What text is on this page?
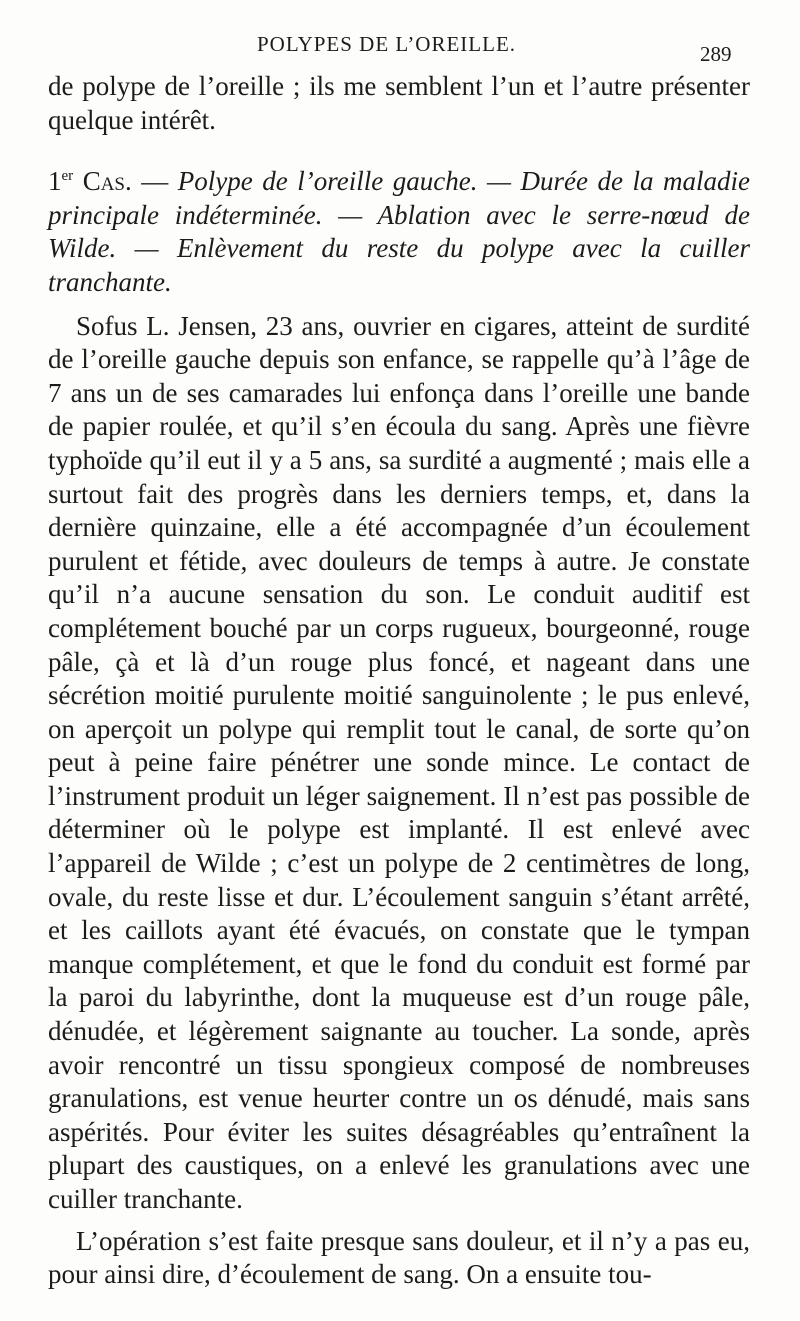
POLYPES DE L’OREILLE.	289

de polype de l’oreille ; ils me semblent l’un et l’autre présenter quelque intérêt.

1er Cas. — Polype de l’oreille gauche. — Durée de la maladie principale indéterminée. — Ablation avec le serre-nœud de Wilde. — Enlèvement du reste du polype avec la cuiller tranchante.

Sofus L. Jensen, 23 ans, ouvrier en cigares, atteint de surdité de l’oreille gauche depuis son enfance, se rappelle qu’à l’âge de 7 ans un de ses camarades lui enfonça dans l’oreille une bande de papier roulée, et qu’il s’en écoula du sang. Après une fièvre typhoïde qu’il eut il y a 5 ans, sa surdité a augmenté ; mais elle a surtout fait des progrès dans les derniers temps, et, dans la dernière quinzaine, elle a été accompagnée d’un écoulement purulent et fétide, avec douleurs de temps à autre. Je constate qu’il n’a aucune sensation du son. Le conduit auditif est complétement bouché par un corps rugueux, bourgeonné, rouge pâle, çà et là d’un rouge plus foncé, et nageant dans une sécrétion moitié purulente moitié sanguinolente ; le pus enlevé, on aperçoit un polype qui remplit tout le canal, de sorte qu’on peut à peine faire pénétrer une sonde mince. Le contact de l’instrument produit un léger saignement. Il n’est pas possible de déterminer où le polype est implanté. Il est enlevé avec l’appareil de Wilde ; c’est un polype de 2 centimètres de long, ovale, du reste lisse et dur. L’écoulement sanguin s’étant arrêté, et les caillots ayant été évacués, on constate que le tympan manque complétement, et que le fond du conduit est formé par la paroi du labyrinthe, dont la muqueuse est d’un rouge pâle, dénudée, et légèrement saignante au toucher. La sonde, après avoir rencontré un tissu spongieux composé de nombreuses granulations, est venue heurter contre un os dénudé, mais sans aspérités. Pour éviter les suites désagréables qu’entraînent la plupart des caustiques, on a enlevé les granulations avec une cuiller tranchante.

L’opération s’est faite presque sans douleur, et il n’y a pas eu, pour ainsi dire, d’écoulement de sang. On a ensuite tou-
